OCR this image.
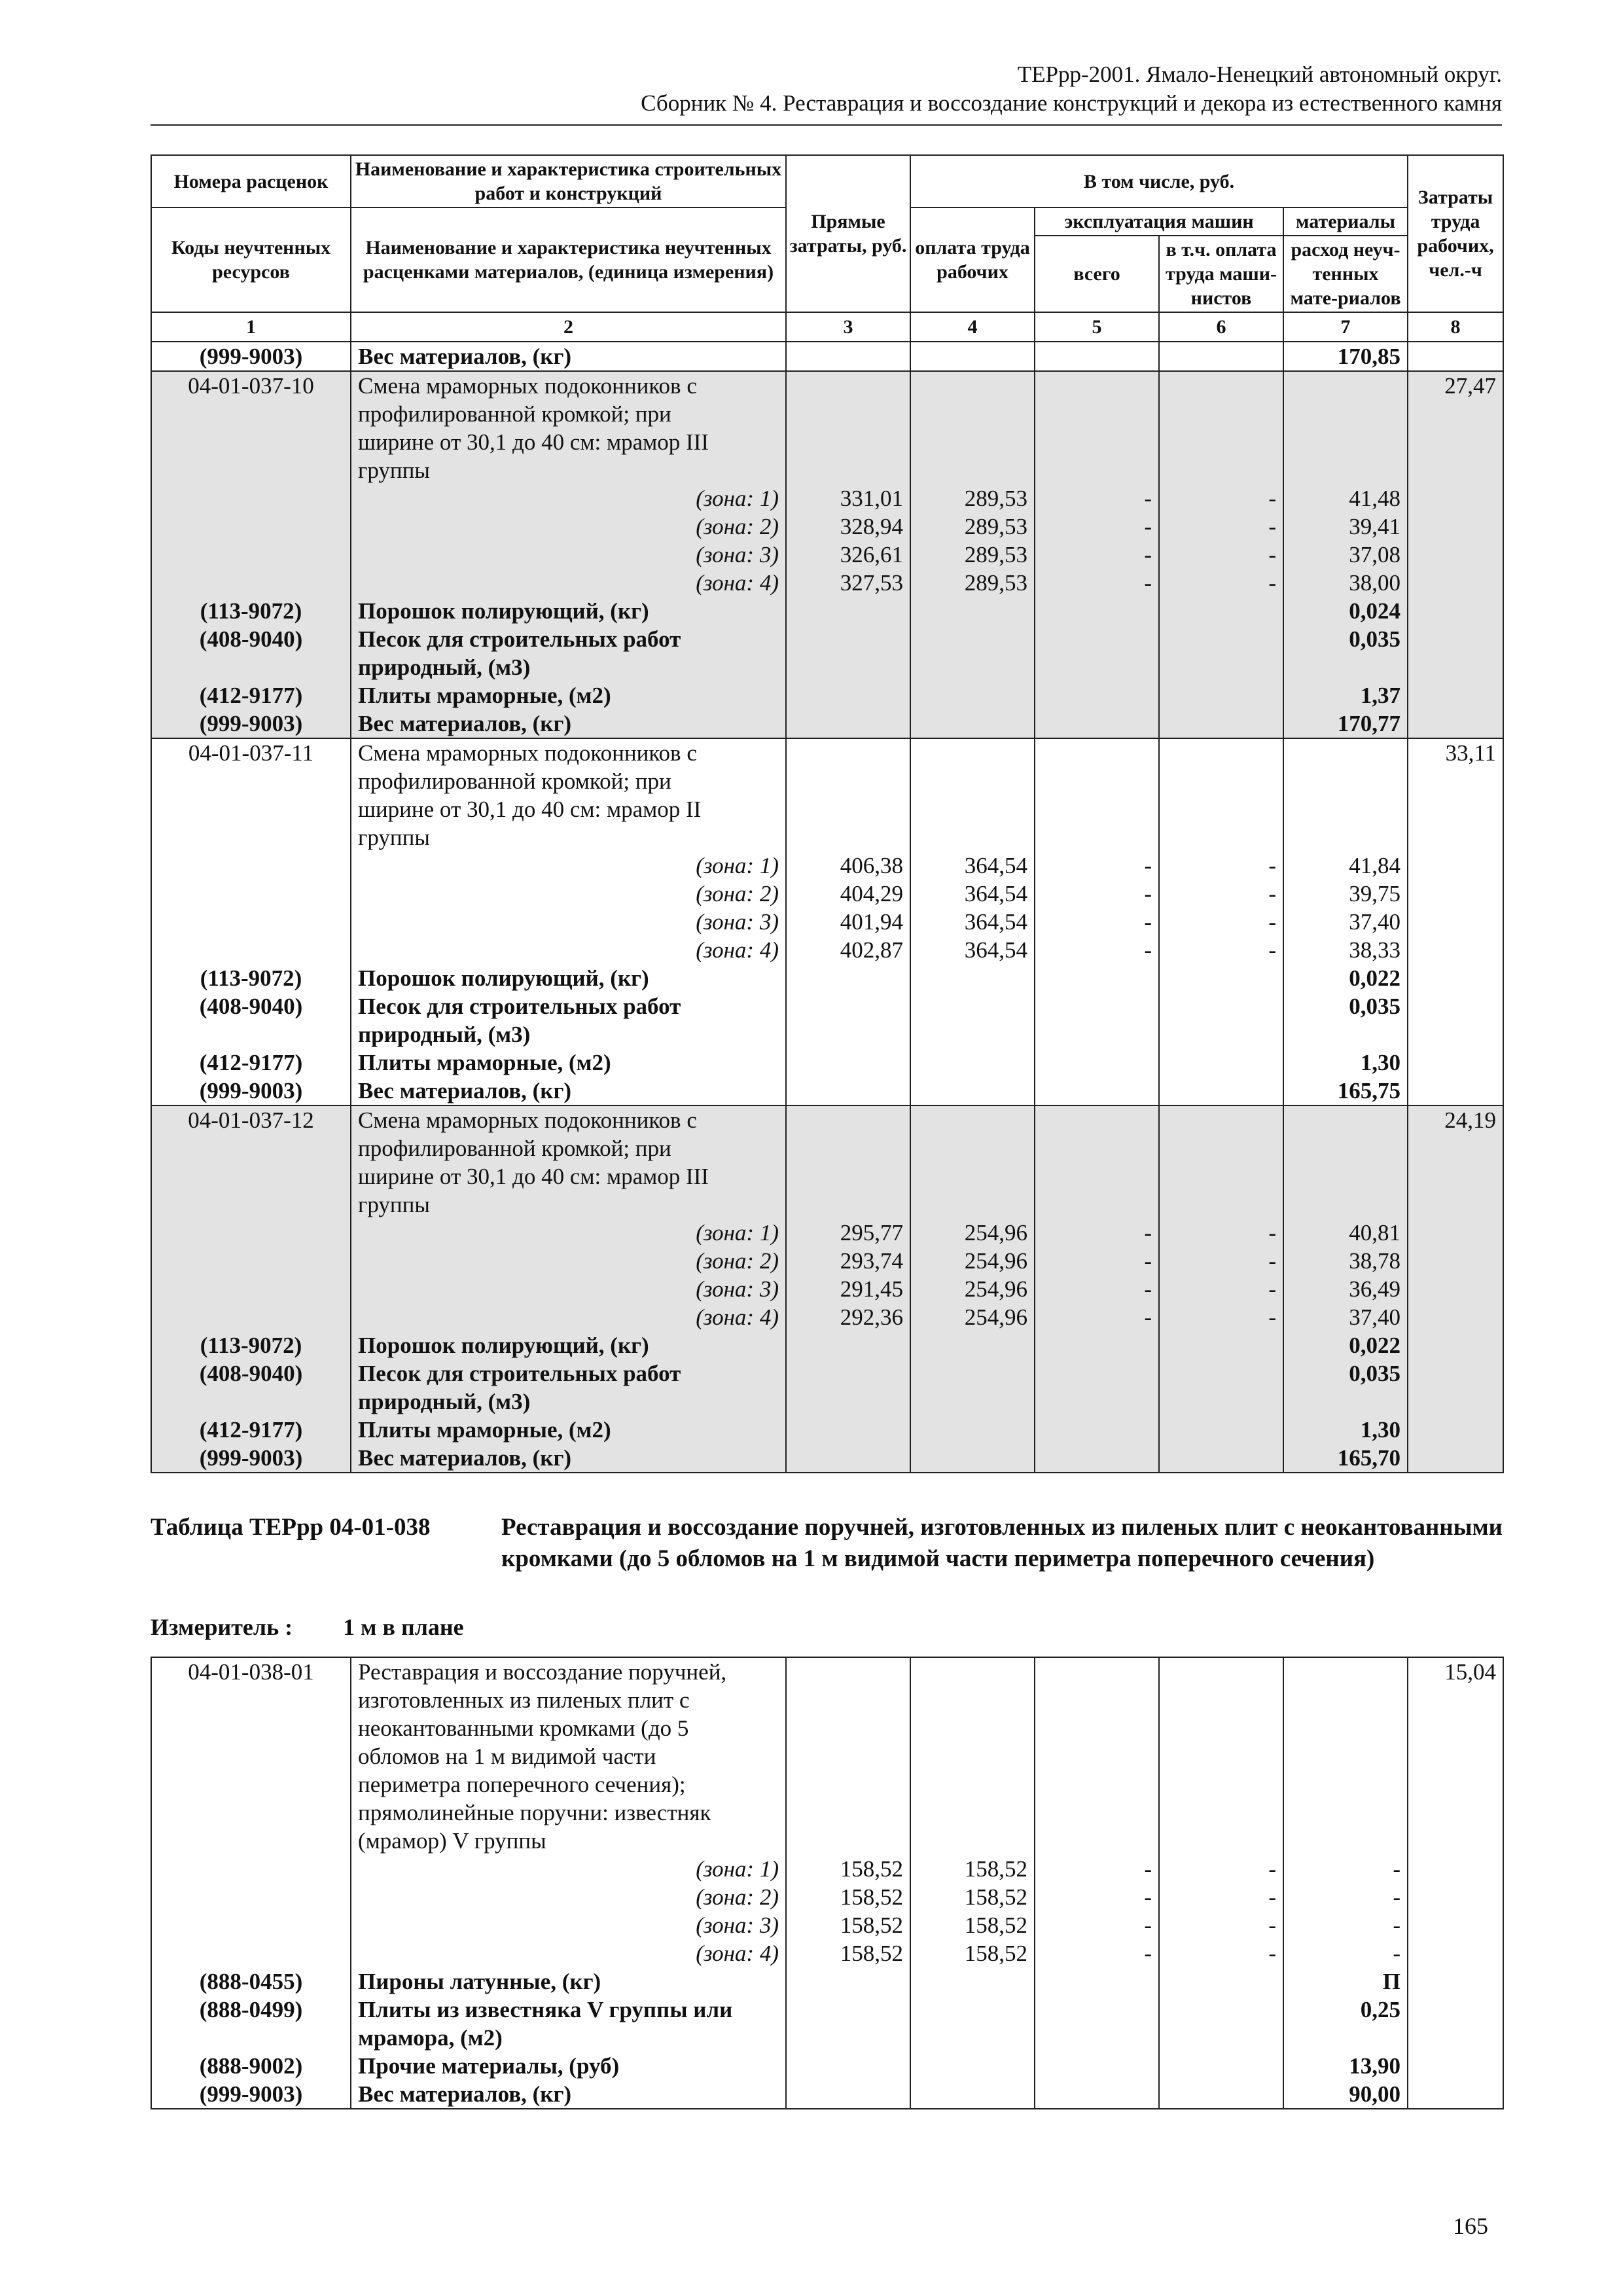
ТЕРрр-2001. Ямало-Ненецкий автономный округ.
Сборник № 4. Реставрация и воссоздание конструкций и декора из естественного камня
Номера расценок	Наименование и характеристика строительных работ и конструкций	Прямые затраты, руб.	В том числе, руб.				Затраты труда рабочих, чел.-ч
Коды неучтенных ресурсов	Наименование и характеристика неучтенных расценками материалов, (единица измерения)		оплата труда рабочих	эксплуатация машин		материалы	
				всего	в т.ч. оплата труда маши-нистов	расход неуч-тенных мате-риалов	

1	2	3	4	5	6	7	8
(999-9003)	Вес материалов, (кг)					170,85	
04-01-037-10	Смена мраморных подоконников с						27,47
	профилированной кромкой; при						
	ширине от 30,1 до 40 см: мрамор III						
	группы						
	(зона: 1)	331,01	289,53	-	-	41,48	
	(зона: 2)	328,94	289,53	-	-	39,41	
	(зона: 3)	326,61	289,53	-	-	37,08	
	(зона: 4)	327,53	289,53	-	-	38,00	
(113-9072)	Порошок полирующий, (кг)					0,024	
(408-9040)	Песок для строительных работ					0,035	
	природный, (м3)						
(412-9177)	Плиты мраморные, (м2)					1,37	
(999-9003)	Вес материалов, (кг)					170,77	
04-01-037-11	Смена мраморных подоконников с						33,11
	профилированной кромкой; при						
	ширине от 30,1 до 40 см: мрамор II						
	группы						
	(зона: 1)	406,38	364,54	-	-	41,84	
	(зона: 2)	404,29	364,54	-	-	39,75	
	(зона: 3)	401,94	364,54	-	-	37,40	
	(зона: 4)	402,87	364,54	-	-	38,33	
(113-9072)	Порошок полирующий, (кг)					0,022	
(408-9040)	Песок для строительных работ					0,035	
	природный, (м3)						
(412-9177)	Плиты мраморные, (м2)					1,30	
(999-9003)	Вес материалов, (кг)					165,75	
04-01-037-12	Смена мраморных подоконников с						24,19
	профилированной кромкой; при						
	ширине от 30,1 до 40 см: мрамор III						
	группы						
	(зона: 1)	295,77	254,96	-	-	40,81	
	(зона: 2)	293,74	254,96	-	-	38,78	
	(зона: 3)	291,45	254,96	-	-	36,49	
	(зона: 4)	292,36	254,96	-	-	37,40	
(113-9072)	Порошок полирующий, (кг)					0,022	
(408-9040)	Песок для строительных работ					0,035	
	природный, (м3)						
(412-9177)	Плиты мраморные, (м2)					1,30	
(999-9003)	Вес материалов, (кг)					165,70	
Таблица ТЕРрр 04-01-038	Реставрация и воссоздание поручней, изготовленных из пиленых плит с неокантованными кромками (до 5 обломов на 1 м видимой части периметра поперечного сечения)
Измеритель : 1 м в плане
04-01-038-01	Реставрация и воссоздание поручней,						15,04
	изготовленных из пиленых плит с						
	неокантованными кромками (до 5						
	обломов на 1 м видимой части						
	периметра поперечного сечения);						
	прямолинейные поручни: известняк						
	(мрамор) V группы						
	(зона: 1)	158,52	158,52	-	-	-	
	(зона: 2)	158,52	158,52	-	-	-	
	(зона: 3)	158,52	158,52	-	-	-	
	(зона: 4)	158,52	158,52	-	-	-	
(888-0455)	Пироны латунные, (кг)					П	
(888-0499)	Плиты из известняка V группы или					0,25	
	мрамора, (м2)						
(888-9002)	Прочие материалы, (руб)					13,90	
(999-9003)	Вес материалов, (кг)					90,00	
165
